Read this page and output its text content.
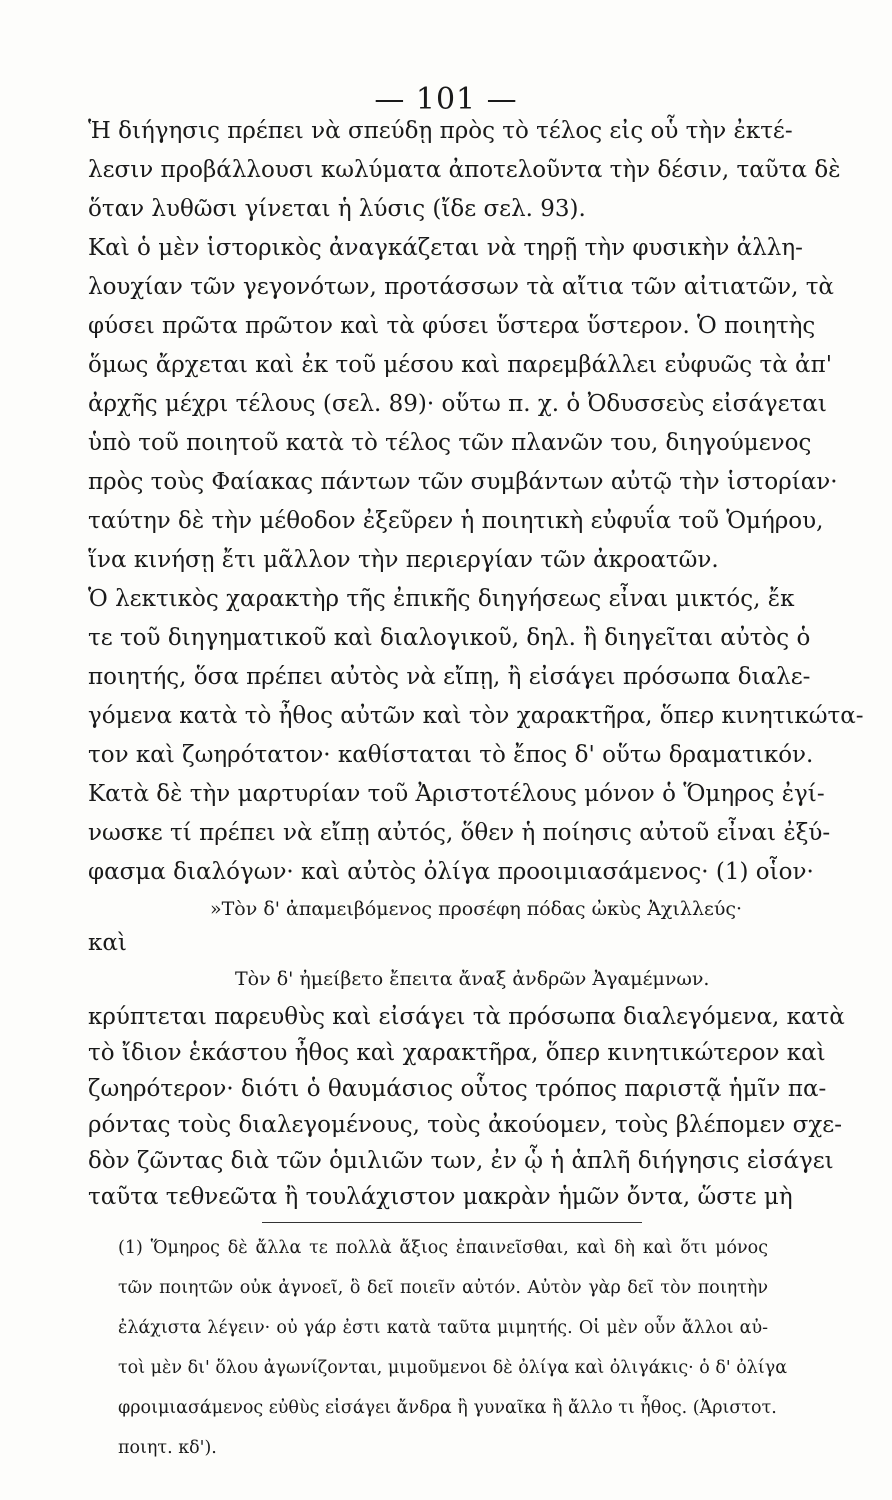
— 101 —
Ἡ διήγησις πρέπει νὰ σπεύδῃ πρὸς τὸ τέλος εἰς οὗ τὴν ἐκτέ-
λεσιν προβάλλουσι κωλύματα ἀποτελοῦντα τὴν δέσιν, ταῦτα δὲ
ὅταν λυθῶσι γίνεται ἡ λύσις (ἴδε σελ. 93).
Καὶ ὁ μὲν ἱστορικὸς ἀναγκάζεται νὰ τηρῇ τὴν φυσικὴν ἀλλη-
λουχίαν τῶν γεγονότων, προτάσσων τὰ αἴτια τῶν αἰτιατῶν, τὰ
φύσει πρῶτα πρῶτον καὶ τὰ φύσει ὕστερα ὕστερον. Ὁ ποιητὴς
ὅμως ἄρχεται καὶ ἐκ τοῦ μέσου καὶ παρεμβάλλει εὐφυῶς τὰ ἀπ'
ἀρχῆς μέχρι τέλους (σελ. 89)· οὕτω π. χ. ὁ Ὀδυσσεὺς εἰσάγεται
ὑπὸ τοῦ ποιητοῦ κατὰ τὸ τέλος τῶν πλανῶν του, διηγούμενος
πρὸς τοὺς Φαίακας πάντων τῶν συμβάντων αὐτῷ τὴν ἱστορίαν·
ταύτην δὲ τὴν μέθοδον ἐξεῦρεν ἡ ποιητικὴ εὐφυΐα τοῦ Ὁμήρου,
ἵνα κινήσῃ ἔτι μᾶλλον τὴν περιεργίαν τῶν ἀκροατῶν.
Ὁ λεκτικὸς χαρακτὴρ τῆς ἐπικῆς διηγήσεως εἶναι μικτός, ἔκ
τε τοῦ διηγηματικοῦ καὶ διαλογικοῦ, δηλ. ἢ διηγεῖται αὐτὸς ὁ
ποιητής, ὅσα πρέπει αὐτὸς νὰ εἴπῃ, ἢ εἰσάγει πρόσωπα διαλε-
γόμενα κατὰ τὸ ἦθος αὐτῶν καὶ τὸν χαρακτῆρα, ὅπερ κινητικώτα-
τον καὶ ζωηρότατον· καθίσταται τὸ ἔπος δ' οὕτω δραματικόν.
Κατὰ δὲ τὴν μαρτυρίαν τοῦ Ἀριστοτέλους μόνον ὁ Ὅμηρος ἐγί-
νωσκε τί πρέπει νὰ εἴπῃ αὐτός, ὅθεν ἡ ποίησις αὐτοῦ εἶναι ἐξύ-
φασμα διαλόγων· καὶ αὐτὸς ὀλίγα προοιμιασάμενος· (1) οἷον·
»Τὸν δ' ἀπαμειβόμενος προσέφη πόδας ὠκὺς Ἀχιλλεύς·
καὶ
Τὸν δ' ἠμείβετο ἔπειτα ἄναξ ἀνδρῶν Ἀγαμέμνων.
κρύπτεται παρευθὺς καὶ εἰσάγει τὰ πρόσωπα διαλεγόμενα, κατὰ
τὸ ἴδιον ἑκάστου ἦθος καὶ χαρακτῆρα, ὅπερ κινητικώτερον καὶ
ζωηρότερον· διότι ὁ θαυμάσιος οὗτος τρόπος παριστᾷ ἡμῖν πα-
ρόντας τοὺς διαλεγομένους, τοὺς ἀκούομεν, τοὺς βλέπομεν σχε-
δὸν ζῶντας διὰ τῶν ὁμιλιῶν των, ἐν ᾧ ἡ ἁπλῆ διήγησις εἰσάγει
ταῦτα τεθνεῶτα ἢ τουλάχιστον μακρὰν ἡμῶν ὄντα, ὥστε μὴ
(1) Ὅμηρος δὲ ἄλλα τε πολλὰ ἄξιος ἐπαινεῖσθαι, καὶ δὴ καὶ ὅτι μόνος
τῶν ποιητῶν οὐκ ἀγνοεῖ, ὃ δεῖ ποιεῖν αὐτόν. Αὐτὸν γὰρ δεῖ τὸν ποιητὴν
ἐλάχιστα λέγειν· οὐ γάρ ἐστι κατὰ ταῦτα μιμητής. Οἱ μὲν οὖν ἄλλοι αὐ-
τοὶ μὲν δι' ὅλου ἀγωνίζονται, μιμοῦμενοι δὲ ὀλίγα καὶ ὀλιγάκις· ὁ δ' ὀλίγα
φροιμιασάμενος εὐθὺς εἰσάγει ἄνδρα ἢ γυναῖκα ἢ ἄλλο τι ἦθος. (Ἀριστοτ.
ποιητ. κδ').
